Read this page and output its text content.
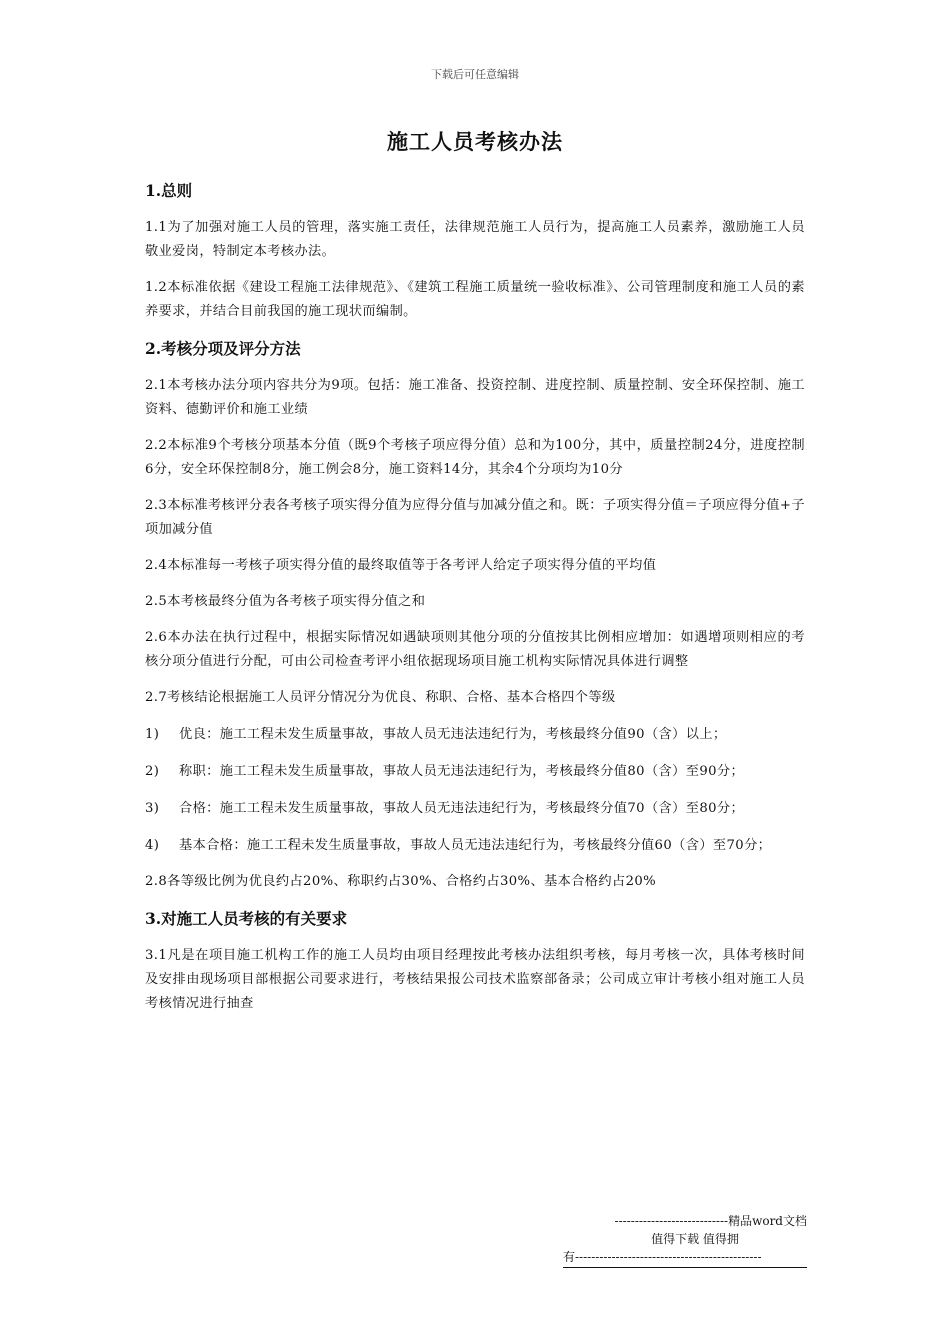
下载后可任意编辑
施工人员考核办法
1.总则
1.1为了加强对施工人员的管理，落实施工责任，法律规范施工人员行为，提高施工人员素养，激励施工人员敬业爱岗，特制定本考核办法。
1.2本标准依据《建设工程施工法律规范》、《建筑工程施工质量统一验收标准》、公司管理制度和施工人员的素养要求，并结合目前我国的施工现状而编制。
2.考核分项及评分方法
2.1本考核办法分项内容共分为9项。包括：施工准备、投资控制、进度控制、质量控制、安全环保控制、施工资料、德勤评价和施工业绩
2.2本标准9个考核分项基本分值（既9个考核子项应得分值）总和为100分，其中，质量控制24分，进度控制6分，安全环保控制8分，施工例会8分，施工资料14分，其余4个分项均为10分
2.3本标准考核评分表各考核子项实得分值为应得分值与加减分值之和。既：子项实得分值＝子项应得分值+子项加减分值
2.4本标准每一考核子项实得分值的最终取值等于各考评人给定子项实得分值的平均值
2.5本考核最终分值为各考核子项实得分值之和
2.6本办法在执行过程中，根据实际情况如遇缺项则其他分项的分值按其比例相应增加：如遇增项则相应的考核分项分值进行分配，可由公司检查考评小组依据现场项目施工机构实际情况具体进行调整
2.7考核结论根据施工人员评分情况分为优良、称职、合格、基本合格四个等级
1) 优良：施工工程未发生质量事故，事故人员无违法违纪行为，考核最终分值90（含）以上；
2) 称职：施工工程未发生质量事故，事故人员无违法违纪行为，考核最终分值80（含）至90分；
3) 合格：施工工程未发生质量事故，事故人员无违法违纪行为，考核最终分值70（含）至80分；
4) 基本合格：施工工程未发生质量事故，事故人员无违法违纪行为，考核最终分值60（含）至70分；
2.8各等级比例为优良约占20%、称职约占30%、合格约占30%、基本合格约占20%
3.对施工人员考核的有关要求
3.1凡是在项目施工机构工作的施工人员均由项目经理按此考核办法组织考核，每月考核一次，具体考核时间及安排由现场项目部根据公司要求进行，考核结果报公司技术监察部备录；公司成立审计考核小组对施工人员考核情况进行抽查
----------------------------精品word文档
值得下载 值得拥
有----------------------------------------------
